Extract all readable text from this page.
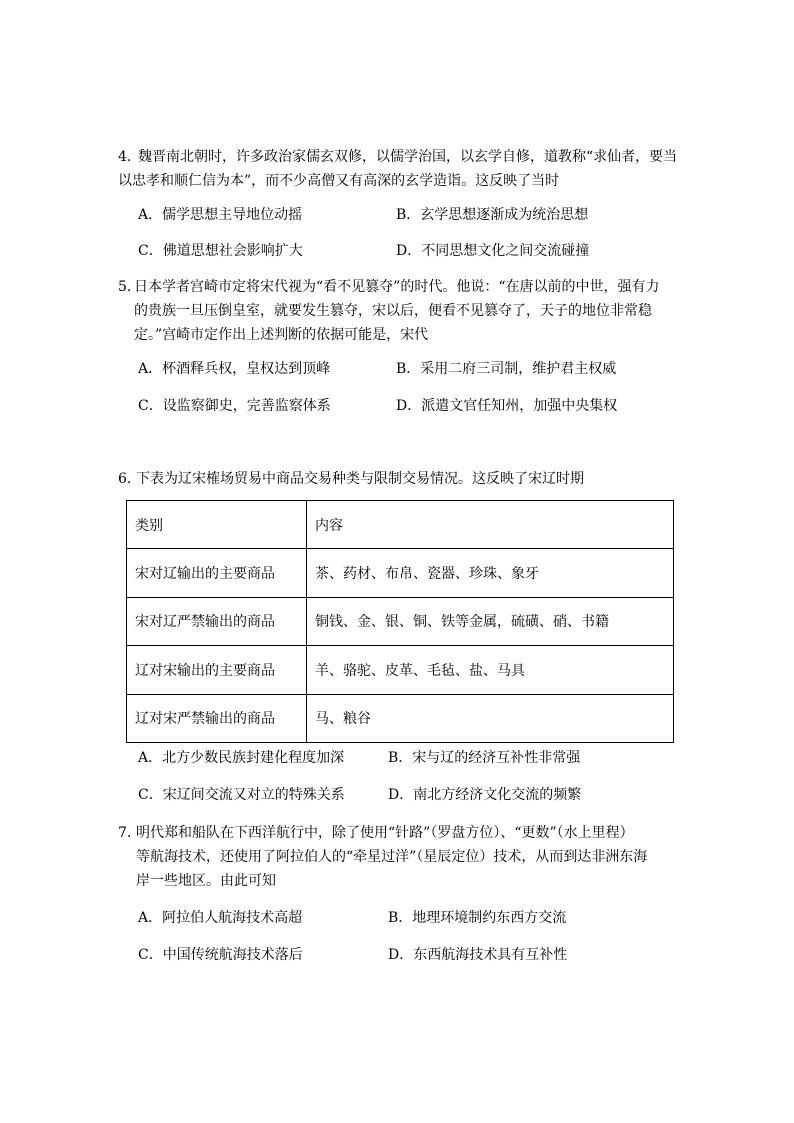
4. 魏晋南北朝时，许多政治家儒玄双修，以儒学治国，以玄学自修，道教称“求仙者，要当
以忠孝和顺仁信为本”，而不少高僧又有高深的玄学造诣。这反映了当时
A．儒学思想主导地位动摇	B．玄学思想逐渐成为统治思想
C．佛道思想社会影响扩大	D．不同思想文化之间交流碰撞
5. 日本学者宫崎市定将宋代视为“看不见篡夺”的时代。他说：“在唐以前的中世，强有力
的贵族一旦压倒皇室，就要发生篡夺，宋以后，便看不见篡夺了，天子的地位非常稳
定。”宫崎市定作出上述判断的依据可能是，宋代
A．杯酒释兵权，皇权达到顶峰	B．采用二府三司制，维护君主权威
C．设监察御史，完善监察体系	D．派遣文官任知州，加强中央集权
6. 下表为辽宋榷场贸易中商品交易种类与限制交易情况。这反映了宋辽时期
类别	内容
宋对辽输出的主要商品	茶、药材、布帛、瓷器、珍珠、象牙
宋对辽严禁输出的商品	铜钱、金、银、铜、铁等金属，硫磺、硝、书籍
辽对宋输出的主要商品	羊、骆驼、皮革、毛毡、盐、马具
辽对宋严禁输出的商品	马、粮谷
A．北方少数民族封建化程度加深	B．宋与辽的经济互补性非常强
C．宋辽间交流又对立的特殊关系	D．南北方经济文化交流的频繁
7. 明代郑和船队在下西洋航行中，除了使用“针路”（罗盘方位）、“更数”（水上里程）
等航海技术，还使用了阿拉伯人的“牵星过洋”（星辰定位）技术，从而到达非洲东海
岸一些地区。由此可知
A．阿拉伯人航海技术高超	B．地理环境制约东西方交流
C．中国传统航海技术落后	D．东西航海技术具有互补性
